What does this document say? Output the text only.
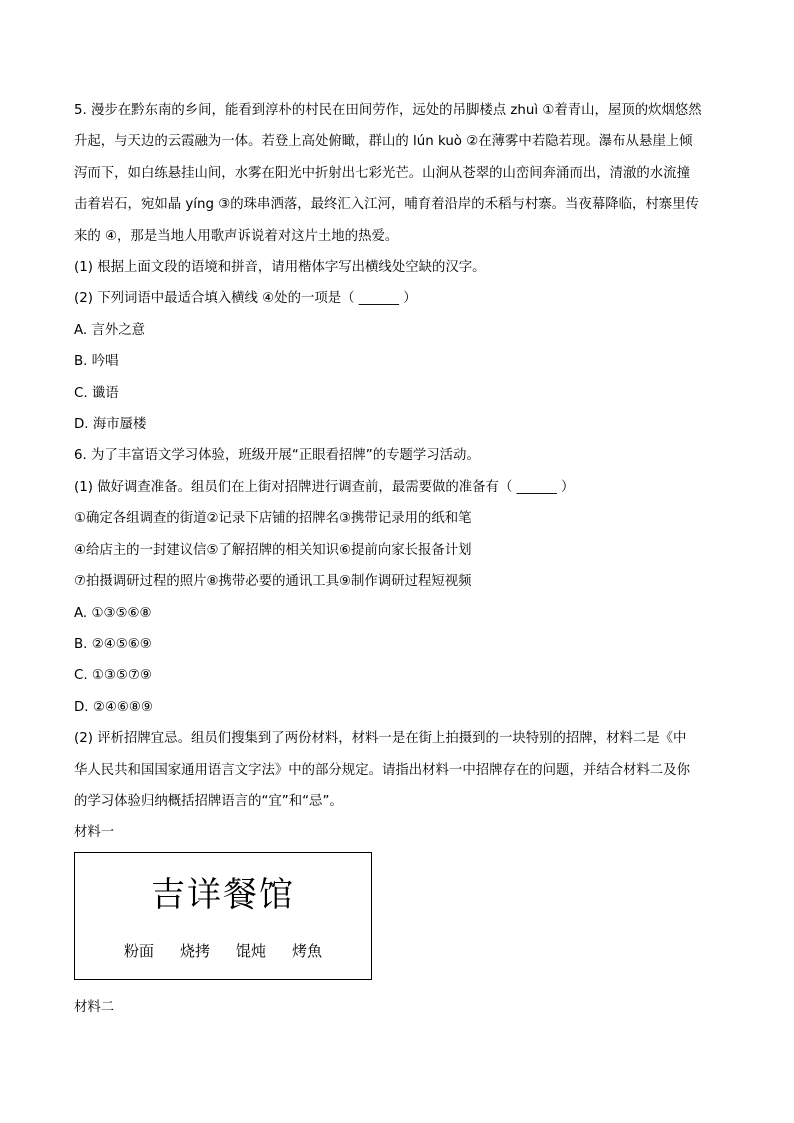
5. 漫步在黔东南的乡间，能看到淳朴的村民在田间劳作，远处的吊脚楼点 zhuì ①着青山，屋顶的炊烟悠然

升起，与天边的云霞融为一体。若登上高处俯瞰，群山的 lún kuò ②在薄雾中若隐若现。瀑布从悬崖上倾

泻而下，如白练悬挂山间，水雾在阳光中折射出七彩光芒。山涧从苍翠的山峦间奔涌而出，清澈的水流撞

击着岩石，宛如晶 yíng ③的珠串洒落，最终汇入江河，哺育着沿岸的禾稻与村寨。当夜幕降临，村寨里传

来的 ④，那是当地人用歌声诉说着对这片土地的热爱。

(1) 根据上面文段的语境和拼音，请用楷体字写出横线处空缺的汉字。

(2) 下列词语中最适合填入横线 ④处的一项是（ ______ ）

A. 言外之意

B. 吟唱

C. 谶语

D. 海市蜃楼

6. 为了丰富语文学习体验，班级开展“正眼看招牌”的专题学习活动。

(1) 做好调查准备。组员们在上街对招牌进行调查前，最需要做的准备有（ ______ ）

①确定各组调查的街道②记录下店铺的招牌名③携带记录用的纸和笔

④给店主的一封建议信⑤了解招牌的相关知识⑥提前向家长报备计划

⑦拍摄调研过程的照片⑧携带必要的通讯工具⑨制作调研过程短视频

A. ①③⑤⑥⑧

B. ②④⑤⑥⑨

C. ①③⑤⑦⑨

D. ②④⑥⑧⑨

(2) 评析招牌宜忌。组员们搜集到了两份材料，材料一是在街上拍摄到的一块特别的招牌，材料二是《中

华人民共和国国家通用语言文字法》中的部分规定。请指出材料一中招牌存在的问题，并结合材料二及你

的学习体验归纳概括招牌语言的“宜”和“忌”。

材料一

吉详餐馆
粉面 烧拷 馄炖 烤魚
材料二
